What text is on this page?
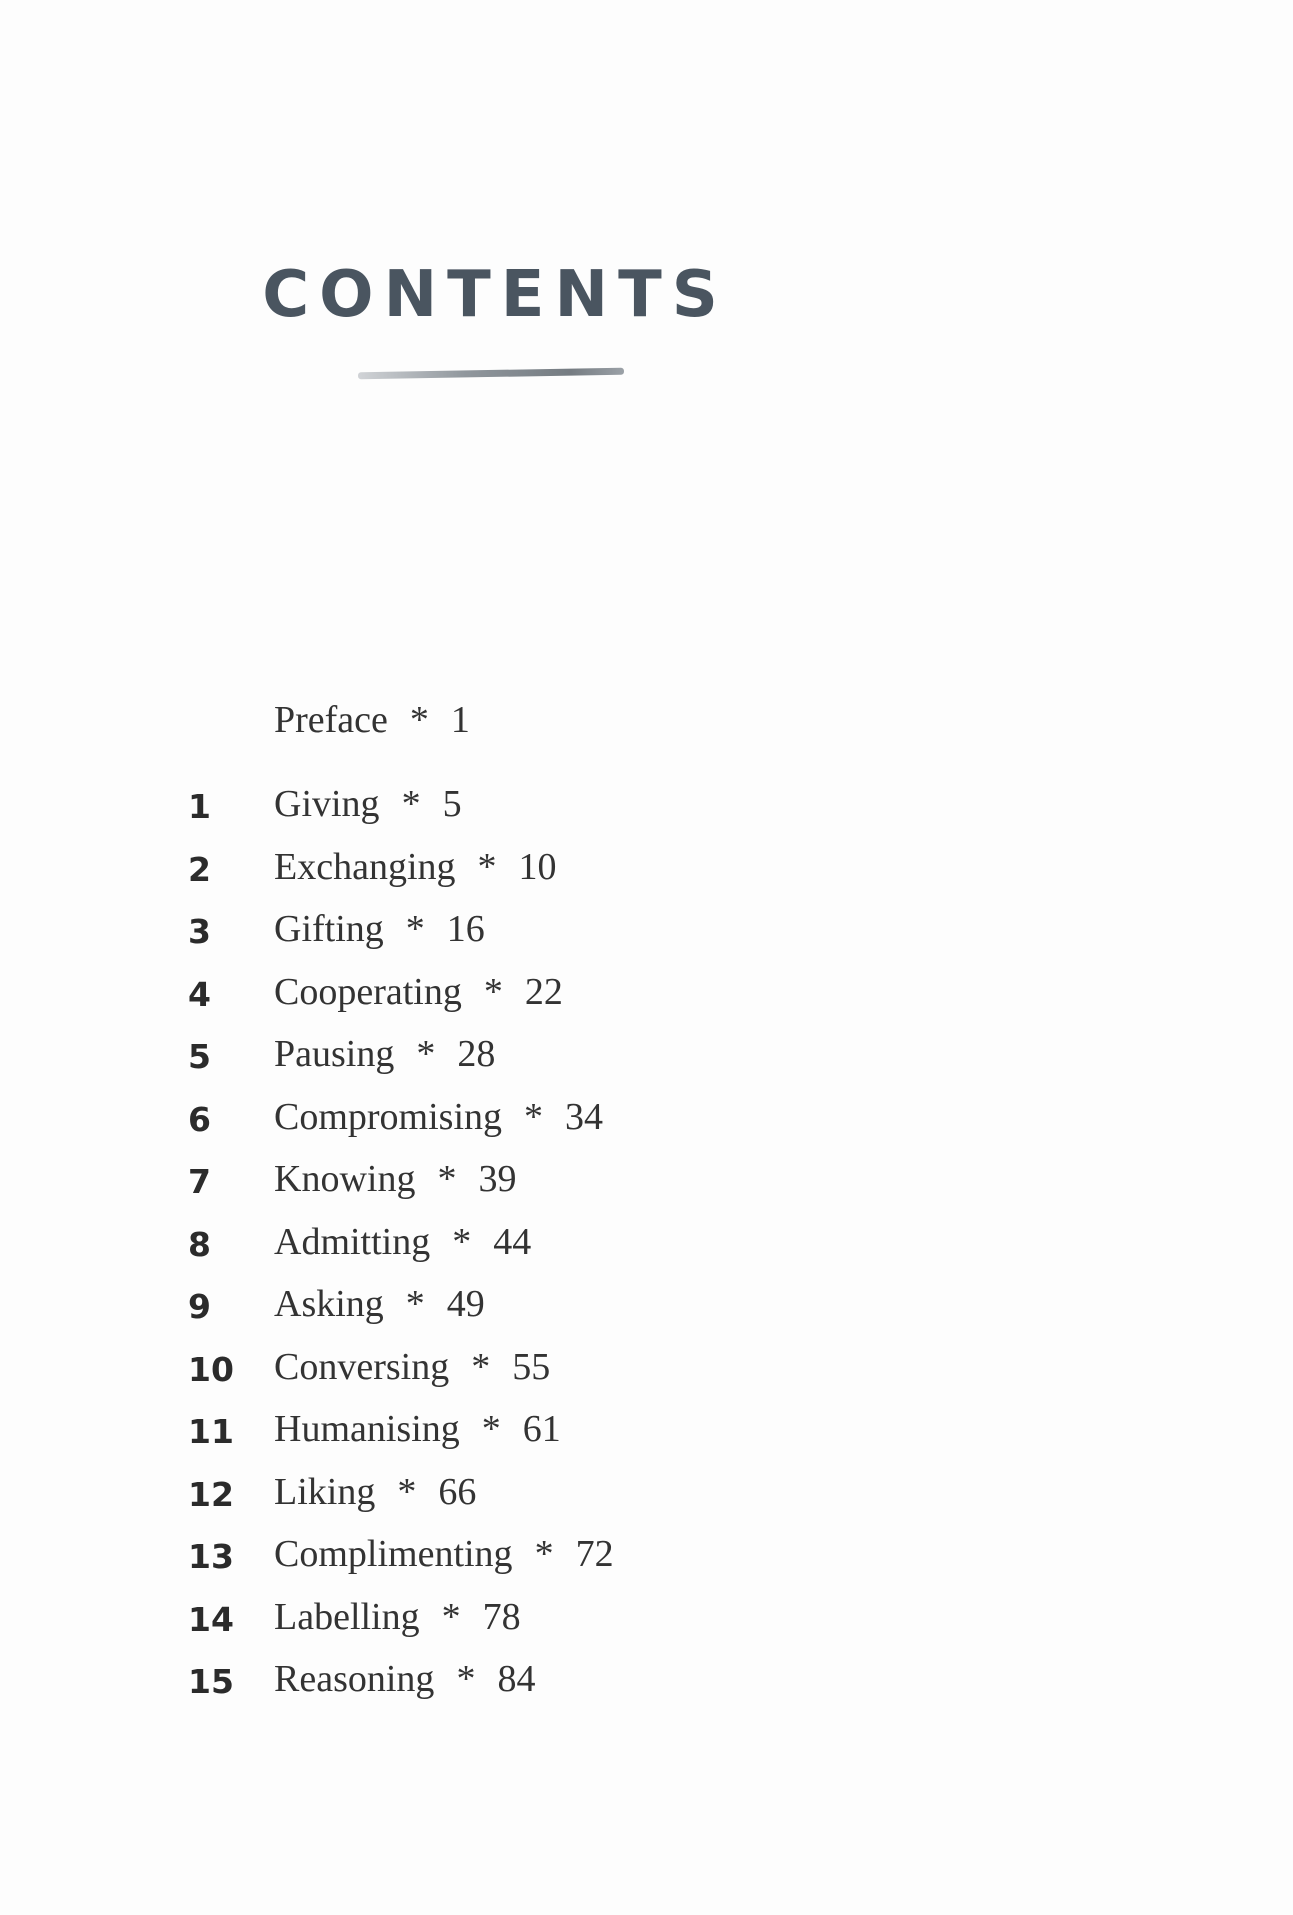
CONTENTS
Preface * 1
1 Giving * 5
2 Exchanging * 10
3 Gifting * 16
4 Cooperating * 22
5 Pausing * 28
6 Compromising * 34
7 Knowing * 39
8 Admitting * 44
9 Asking * 49
10 Conversing * 55
11 Humanising * 61
12 Liking * 66
13 Complimenting * 72
14 Labelling * 78
15 Reasoning * 84
